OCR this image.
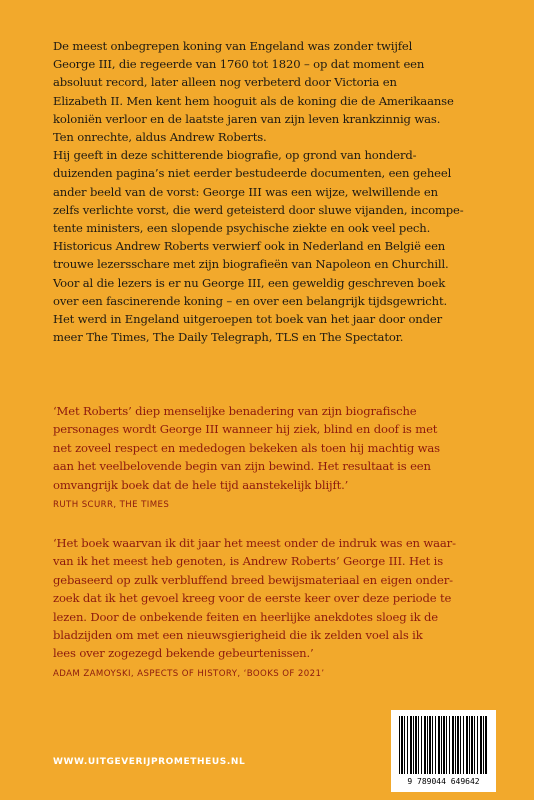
De meest onbegrepen koning van Engeland was zonder twijfel
George III, die regeerde van 1760 tot 1820 – op dat moment een
absoluut record, later alleen nog verbeterd door Victoria en
Elizabeth II. Men kent hem hooguit als de koning die de Amerikaanse
koloniën verloor en de laatste jaren van zijn leven krankzinnig was.
Ten onrechte, aldus Andrew Roberts.
Hij geeft in deze schitterende biografie, op grond van honderd-
duizenden pagina’s niet eerder bestudeerde documenten, een geheel
ander beeld van de vorst: George III was een wijze, welwillende en
zelfs verlichte vorst, die werd geteisterd door sluwe vijanden, incompe-
tente ministers, een slopende psychische ziekte en ook veel pech.
Historicus Andrew Roberts verwierf ook in Nederland en België een
trouwe lezersschare met zijn biografieën van Napoleon en Churchill.
Voor al die lezers is er nu George III, een geweldig geschreven boek
over een fascinerende koning – en over een belangrijk tijdsgewricht.
Het werd in Engeland uitgeroepen tot boek van het jaar door onder
meer The Times, The Daily Telegraph, TLS en The Spectator.
‘Met Roberts’ diep menselijke benadering van zijn biografische
personages wordt George III wanneer hij ziek, blind en doof is met
net zoveel respect en mededogen bekeken als toen hij machtig was
aan het veelbelovende begin van zijn bewind. Het resultaat is een
omvangrijk boek dat de hele tijd aanstekelijk blijft.’
RUTH SCURR, THE TIMES
‘Het boek waarvan ik dit jaar het meest onder de indruk was en waar-
van ik het meest heb genoten, is Andrew Roberts’ George III. Het is
gebaseerd op zulk verbluffend breed bewijsmateriaal en eigen onder-
zoek dat ik het gevoel kreeg voor de eerste keer over deze periode te
lezen. Door de onbekende feiten en heerlijke anekdotes sloeg ik de
bladzijden om met een nieuwsgierigheid die ik zelden voel als ik
lees over zogezegd bekende gebeurtenissen.’
ADAM ZAMOYSKI, ASPECTS OF HISTORY, ‘BOOKS OF 2021’
WWW.UITGEVERIJPROMETHEUS.NL
9 789044 649642
